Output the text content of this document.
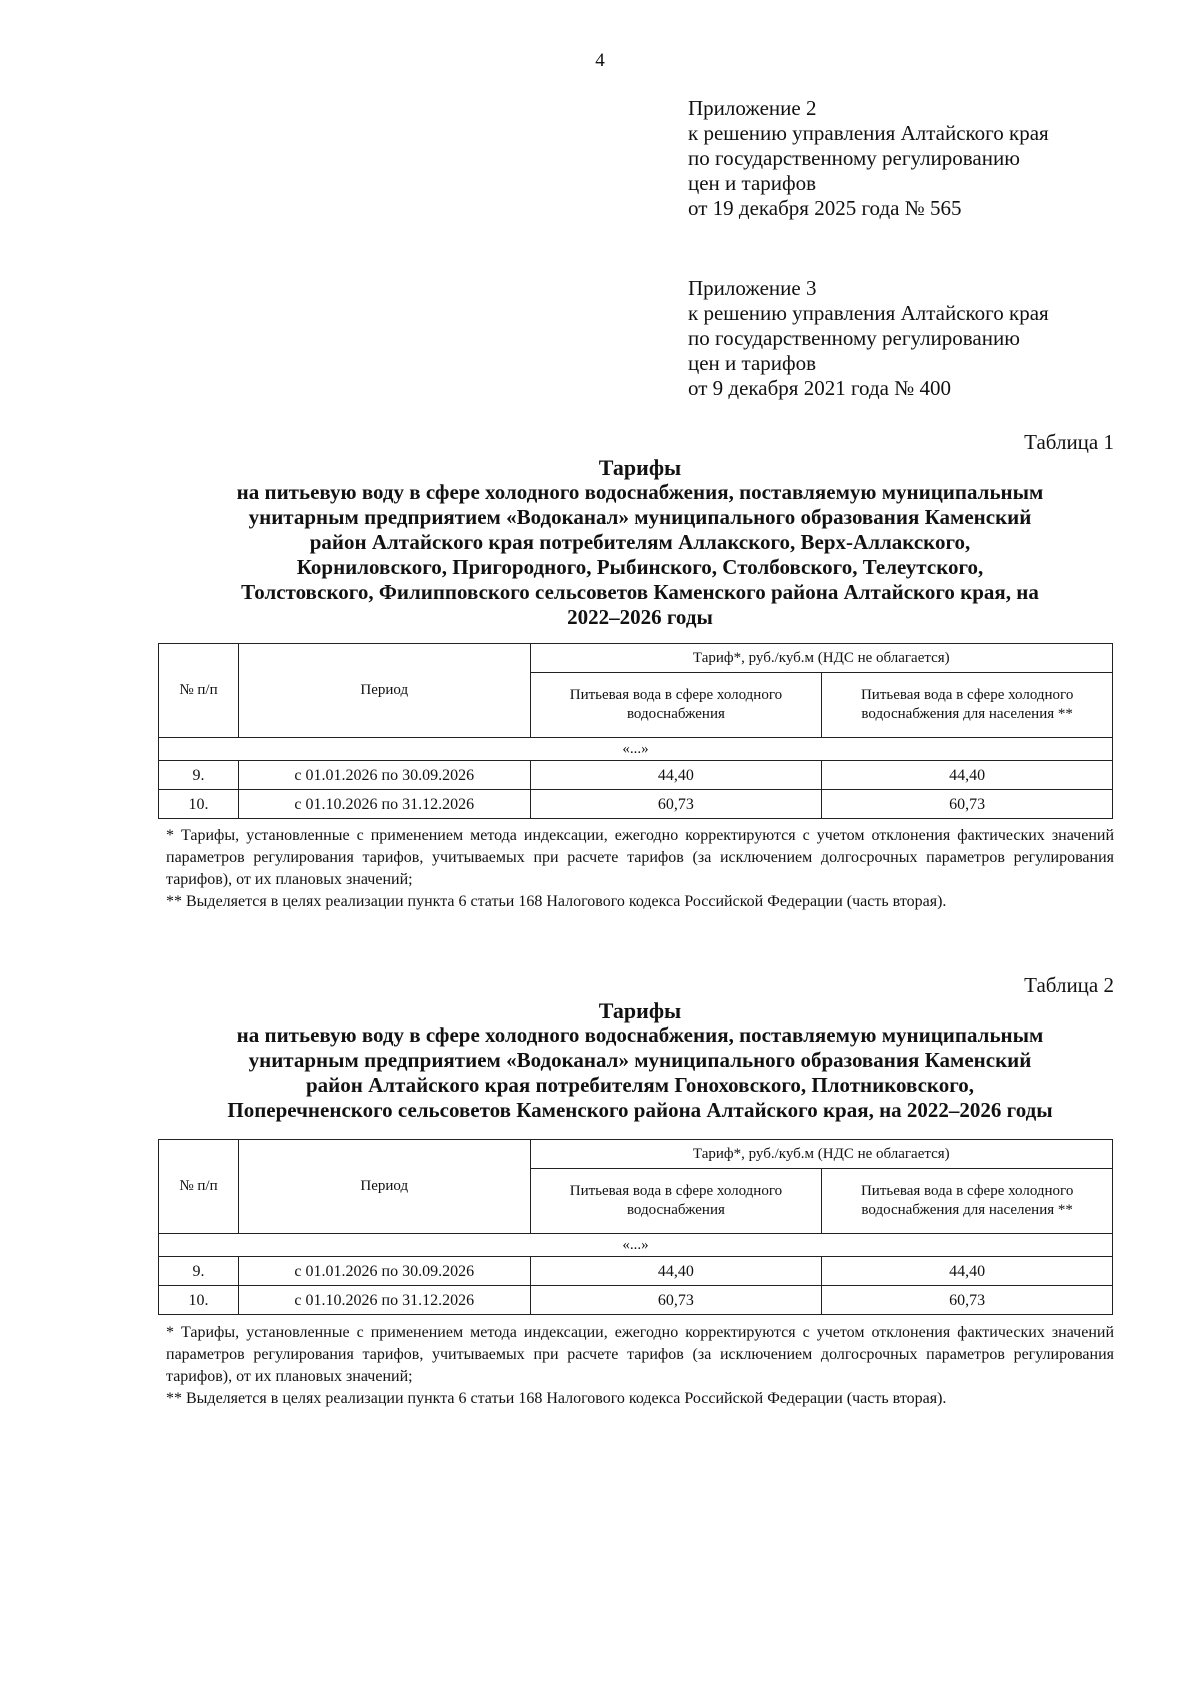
4
Приложение 2
к решению управления Алтайского края
по государственному регулированию
цен и тарифов
от 19 декабря 2025 года № 565
Приложение 3
к решению управления Алтайского края
по государственному регулированию
цен и тарифов
от 9 декабря 2021 года № 400
Таблица 1
Тарифы
на питьевую воду в сфере холодного водоснабжения, поставляемую муниципальным
унитарным предприятием «Водоканал» муниципального образования Каменский
район Алтайского края потребителям Аллакского, Верх-Аллакского,
Корниловского, Пригородного, Рыбинского, Столбовского, Телеутского,
Толстовского, Филипповского сельсоветов Каменского района Алтайского края, на
2022–2026 годы
№ п/п	Период	Тариф*, руб./куб.м (НДС не облагается)	
		Питьевая вода в сфере холодного водоснабжения	Питьевая вода в сфере холодного водоснабжения для населения **
«...»			
9.	с 01.01.2026 по 30.09.2026	44,40	44,40
10.	с 01.10.2026 по 31.12.2026	60,73	60,73

* Тарифы, установленные с применением метода индексации, ежегодно корректируются с учетом отклонения фактических значений параметров регулирования тарифов, учитываемых при расчете тарифов (за исключением долгосрочных параметров регулирования тарифов), от их плановых значений;

** Выделяется в целях реализации пункта 6 статьи 168 Налогового кодекса Российской Федерации (часть вторая).

Таблица 2
Тарифы
на питьевую воду в сфере холодного водоснабжения, поставляемую муниципальным
унитарным предприятием «Водоканал» муниципального образования Каменский
район Алтайского края потребителям Гоноховского, Плотниковского,
Поперечненского сельсоветов Каменского района Алтайского края, на 2022–2026 годы
№ п/п	Период	Тариф*, руб./куб.м (НДС не облагается)	
		Питьевая вода в сфере холодного водоснабжения	Питьевая вода в сфере холодного водоснабжения для населения **
«...»			
9.	с 01.01.2026 по 30.09.2026	44,40	44,40
10.	с 01.10.2026 по 31.12.2026	60,73	60,73

* Тарифы, установленные с применением метода индексации, ежегодно корректируются с учетом отклонения фактических значений параметров регулирования тарифов, учитываемых при расчете тарифов (за исключением долгосрочных параметров регулирования тарифов), от их плановых значений;

** Выделяется в целях реализации пункта 6 статьи 168 Налогового кодекса Российской Федерации (часть вторая).
